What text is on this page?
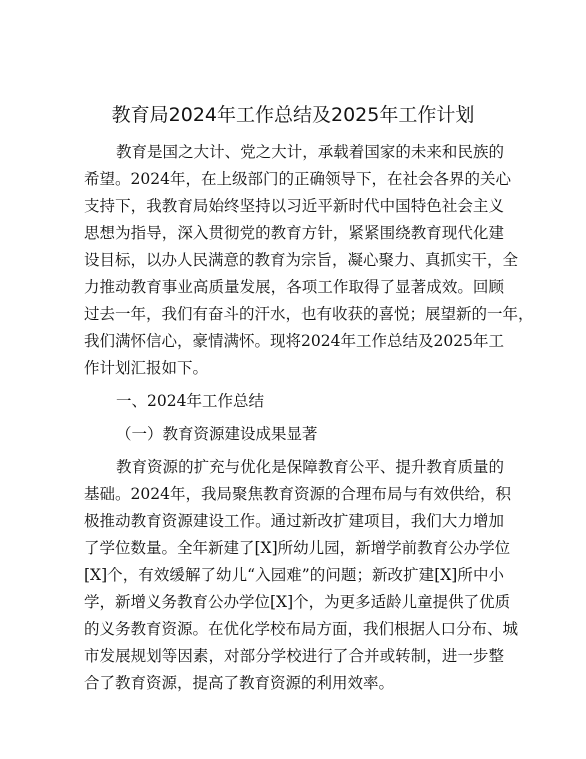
教育局2024年工作总结及2025年工作计划
教育是国之大计、党之大计，承载着国家的未来和民族的
希望。2024年，在上级部门的正确领导下，在社会各界的关心
支持下，我教育局始终坚持以习近平新时代中国特色社会主义
思想为指导，深入贯彻党的教育方针，紧紧围绕教育现代化建
设目标，以办人民满意的教育为宗旨，凝心聚力、真抓实干，全
力推动教育事业高质量发展，各项工作取得了显著成效。回顾
过去一年，我们有奋斗的汗水，也有收获的喜悦；展望新的一年，
我们满怀信心，豪情满怀。现将2024年工作总结及2025年工
作计划汇报如下。
一、2024年工作总结
（一）教育资源建设成果显著
教育资源的扩充与优化是保障教育公平、提升教育质量的
基础。2024年，我局聚焦教育资源的合理布局与有效供给，积
极推动教育资源建设工作。通过新改扩建项目，我们大力增加
了学位数量。全年新建了[X]所幼儿园，新增学前教育公办学位
[X]个，有效缓解了幼儿“入园难”的问题；新改扩建[X]所中小
学，新增义务教育公办学位[X]个，为更多适龄儿童提供了优质
的义务教育资源。在优化学校布局方面，我们根据人口分布、城
市发展规划等因素，对部分学校进行了合并或转制，进一步整
合了教育资源，提高了教育资源的利用效率。
